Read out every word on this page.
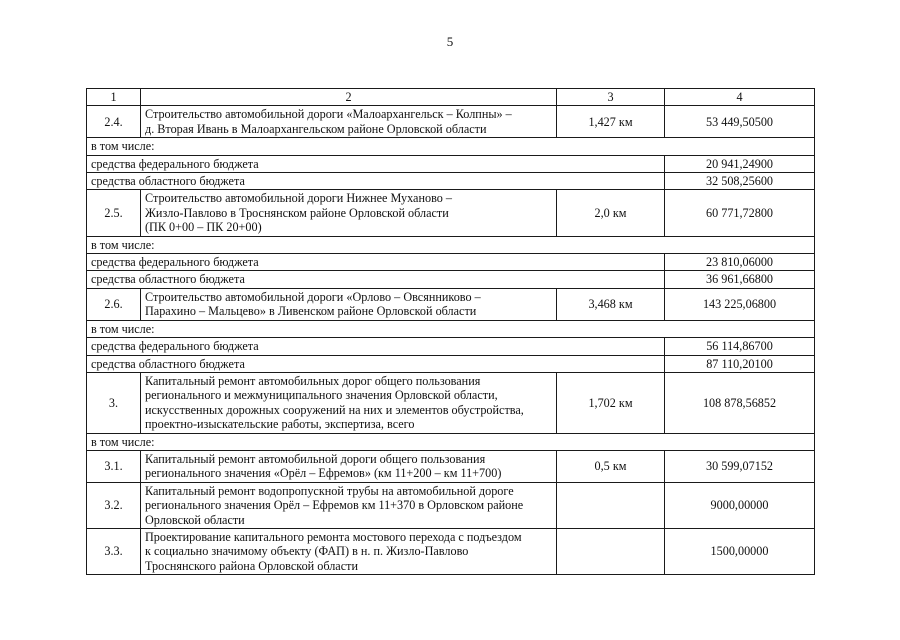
5
1	2	3	4
2.4.	Строительство автомобильной дороги «Малоархангельск – Колпны» –
д. Вторая Ивань в Малоархангельском районе Орловской области	1,427 км	53 449,50500
в том числе:			
средства федерального бюджета			20 941,24900
средства областного бюджета			32 508,25600
2.5.	Строительство автомобильной дороги Нижнее Муханово –
Жизло-Павлово в Троснянском районе Орловской области
(ПК 0+00 – ПК 20+00)	2,0 км	60 771,72800
в том числе:			
средства федерального бюджета			23 810,06000
средства областного бюджета			36 961,66800
2.6.	Строительство автомобильной дороги «Орлово – Овсянниково –
Парахино – Мальцево» в Ливенском районе Орловской области	3,468 км	143 225,06800
в том числе:			
средства федерального бюджета			56 114,86700
средства областного бюджета			87 110,20100
3.	Капитальный ремонт автомобильных дорог общего пользования
регионального и межмуниципального значения Орловской области,
искусственных дорожных сооружений на них и элементов обустройства,
проектно-изыскательские работы, экспертиза, всего	1,702 км	108 878,56852
в том числе:			
3.1.	Капитальный ремонт автомобильной дороги общего пользования
регионального значения «Орёл – Ефремов» (км 11+200 – км 11+700)	0,5 км	30 599,07152
3.2.	Капитальный ремонт водопропускной трубы на автомобильной дороге
регионального значения Орёл – Ефремов км 11+370 в Орловском районе
Орловской области		9000,00000
3.3.	Проектирование капитального ремонта мостового перехода с подъездом
к социально значимому объекту (ФАП) в н. п. Жизло-Павлово
Троснянского района Орловской области		1500,00000
